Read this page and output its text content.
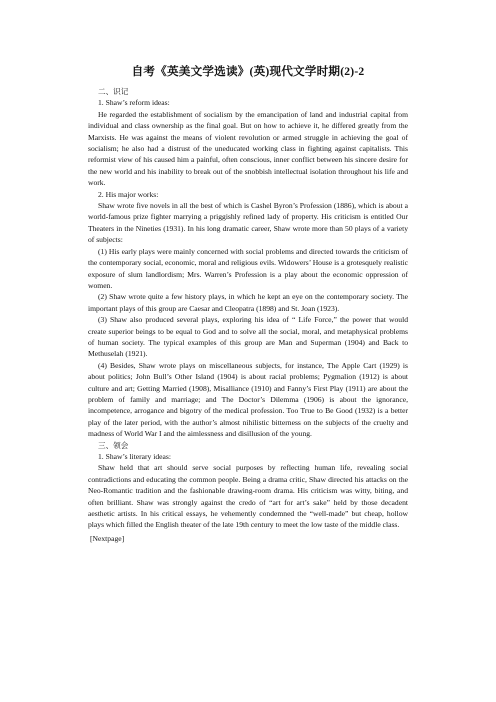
自考《英美文学选读》(英)现代文学时期(2)-2
二、识记
1. Shaw’s reform ideas:

He regarded the establishment of socialism by the emancipation of land and industrial capital from individual and class ownership as the final goal. But on how to achieve it, he differed greatly from the Marxists. He was against the means of violent revolution or armed struggle in achieving the goal of socialism; he also had a distrust of the uneducated working class in fighting against capitalists. This reformist view of his caused him a painful, often conscious, inner conflict between his sincere desire for the new world and his inability to break out of the snobbish intellectual isolation throughout his life and work.

2. His major works:

Shaw wrote five novels in all the best of which is Cashel Byron’s Profession (1886), which is about a world-famous prize fighter marrying a priggishly refined lady of property. His criticism is entitled Our Theaters in the Nineties (1931). In his long dramatic career, Shaw wrote more than 50 plays of a variety of subjects:

(1) His early plays were mainly concerned with social problems and directed towards the criticism of the contemporary social, economic, moral and religious evils. Widowers’ House is a grotesquely realistic exposure of slum landlordism; Mrs. Warren’s Profession is a play about the economic oppression of women.

(2) Shaw wrote quite a few history plays, in which he kept an eye on the contemporary society. The important plays of this group are Caesar and Cleopatra (1898) and St. Joan (1923).

(3) Shaw also produced several plays, exploring his idea of “ Life Force,” the power that would create superior beings to be equal to God and to solve all the social, moral, and metaphysical problems of human society. The typical examples of this group are Man and Superman (1904) and Back to Methuselah (1921).

(4) Besides, Shaw wrote plays on miscellaneous subjects, for instance, The Apple Cart (1929) is about politics; John Bull’s Other Island (1904) is about racial problems; Pygmalion (1912) is about culture and art; Getting Married (1908), Misalliance (1910) and Fanny’s First Play (1911) are about the problem of family and marriage; and The Doctor’s Dilemma (1906) is about the ignorance, incompetence, arrogance and bigotry of the medical profession. Too True to Be Good (1932) is a better play of the later period, with the author’s almost nihilistic bitterness on the subjects of the cruelty and madness of World War I and the aimlessness and disillusion of the young.

三、领会
1. Shaw’s literary ideas:

Shaw held that art should serve social purposes by reflecting human life, revealing social contradictions and educating the common people. Being a drama critic, Shaw directed his attacks on the Neo-Romantic tradition and the fashionable drawing-room drama. His criticism was witty, biting, and often brilliant. Shaw was strongly against the credo of “art for art’s sake” held by those decadent aesthetic artists. In his critical essays, he vehemently condemned the “well-made” but cheap, hollow plays which filled the English theater of the late 19th century to meet the low taste of the middle class.

[Nextpage]
